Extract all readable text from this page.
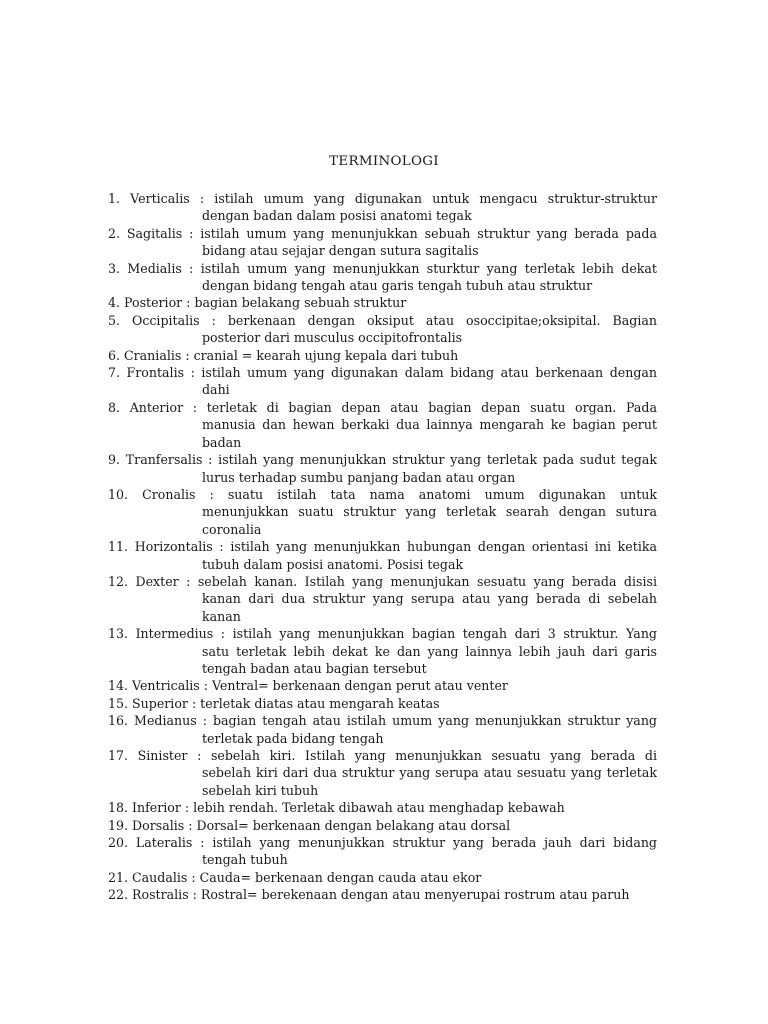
TERMINOLOGI
1. Verticalis : istilah umum yang digunakan untuk mengacu struktur-struktur
dengan badan dalam posisi anatomi tegak
2. Sagitalis : istilah umum yang menunjukkan sebuah struktur yang berada pada
bidang atau sejajar dengan sutura sagitalis
3. Medialis : istilah umum yang menunjukkan sturktur yang terletak lebih dekat
dengan bidang tengah atau garis tengah tubuh atau struktur
4. Posterior : bagian belakang sebuah struktur
5. Occipitalis : berkenaan dengan oksiput atau osoccipitae;oksipital. Bagian
posterior dari musculus occipitofrontalis
6. Cranialis : cranial = kearah ujung kepala dari tubuh
7. Frontalis : istilah umum yang digunakan dalam bidang atau berkenaan dengan
dahi
8. Anterior : terletak di bagian depan atau bagian depan suatu organ. Pada
manusia dan hewan berkaki dua lainnya mengarah ke bagian perut
badan
9. Tranfersalis : istilah yang menunjukkan struktur yang terletak pada sudut tegak
lurus terhadap sumbu panjang badan atau organ
10. Cronalis : suatu istilah tata nama anatomi umum digunakan untuk
menunjukkan suatu struktur yang terletak searah dengan sutura
coronalia
11. Horizontalis : istilah yang menunjukkan hubungan dengan orientasi ini ketika
tubuh dalam posisi anatomi. Posisi tegak
12. Dexter : sebelah kanan. Istilah yang menunjukan sesuatu yang berada disisi
kanan dari dua struktur yang serupa atau yang berada di sebelah
kanan
13. Intermedius : istilah yang menunjukkan bagian tengah dari 3 struktur. Yang
satu terletak lebih dekat ke dan yang lainnya lebih jauh dari garis
tengah badan atau bagian tersebut
14. Ventricalis : Ventral= berkenaan dengan perut atau venter
15. Superior : terletak diatas atau mengarah keatas
16. Medianus : bagian tengah atau istilah umum yang menunjukkan struktur yang
terletak pada bidang tengah
17. Sinister : sebelah kiri. Istilah yang menunjukkan sesuatu yang berada di
sebelah kiri dari dua struktur yang serupa atau sesuatu yang terletak
sebelah kiri tubuh
18. Inferior : lebih rendah. Terletak dibawah atau menghadap kebawah
19. Dorsalis : Dorsal= berkenaan dengan belakang atau dorsal
20. Lateralis : istilah yang menunjukkan struktur yang berada jauh dari bidang
tengah tubuh
21. Caudalis : Cauda= berkenaan dengan cauda atau ekor
22. Rostralis : Rostral= berekenaan dengan atau menyerupai rostrum atau paruh
